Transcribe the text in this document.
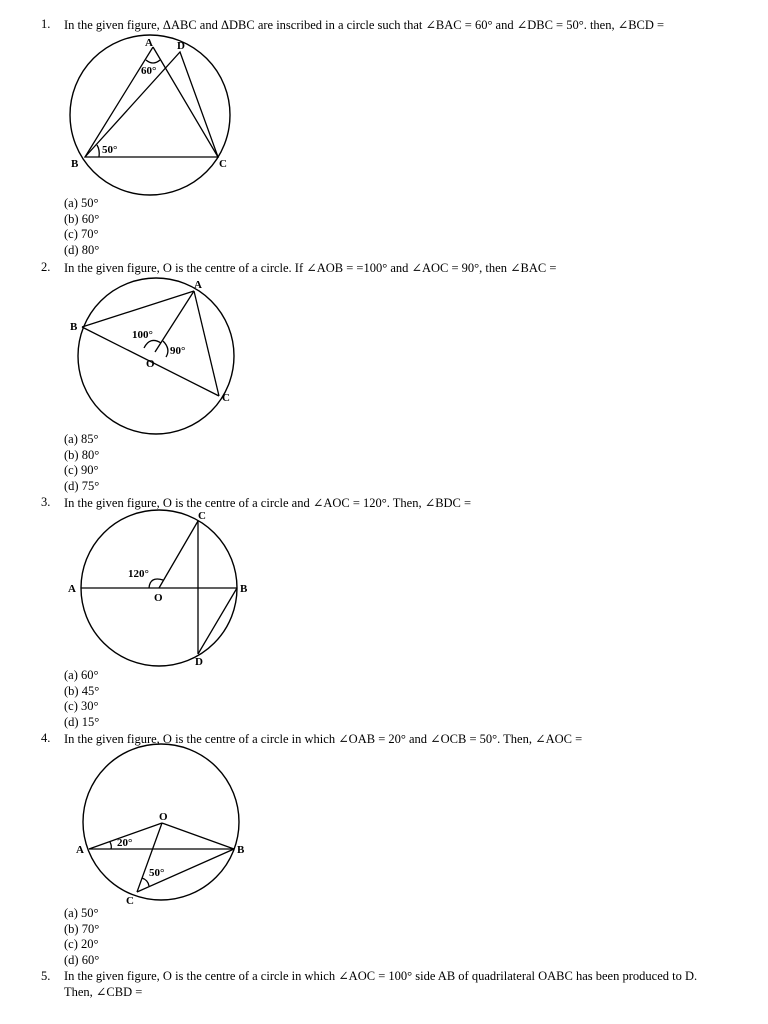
1. In the given figure, ΔABC and ΔDBC are inscribed in a circle such that ∠BAC = 60° and ∠DBC = 50°. then, ∠BCD =
A D
B	C
60°
50°
(a) 50°
(b) 60°
(c) 70°
(d) 80°
2. In the given figure, O is the centre of a circle. If ∠AOB = =100° and ∠AOC = 90°, then ∠BAC =
A
B
C
O
100°
90°
(a) 85°
(b) 80°
(c) 90°
(d) 75°
3. In the given figure, O is the centre of a circle and ∠AOC = 120°. Then, ∠BDC =
C
A	B
D
O
120°
(a) 60°
(b) 45°
(c) 30°
(d) 15°
4. In the given figure, O is the centre of a circle in which ∠OAB = 20° and ∠OCB = 50°. Then, ∠AOC =
O
A	B
C
20°
50°
(a) 50°
(b) 70°
(c) 20°
(d) 60°
5. In the given figure, O is the centre of a circle in which ∠AOC = 100° side AB of quadrilateral OABC has been produced to D. Then, ∠CBD =
